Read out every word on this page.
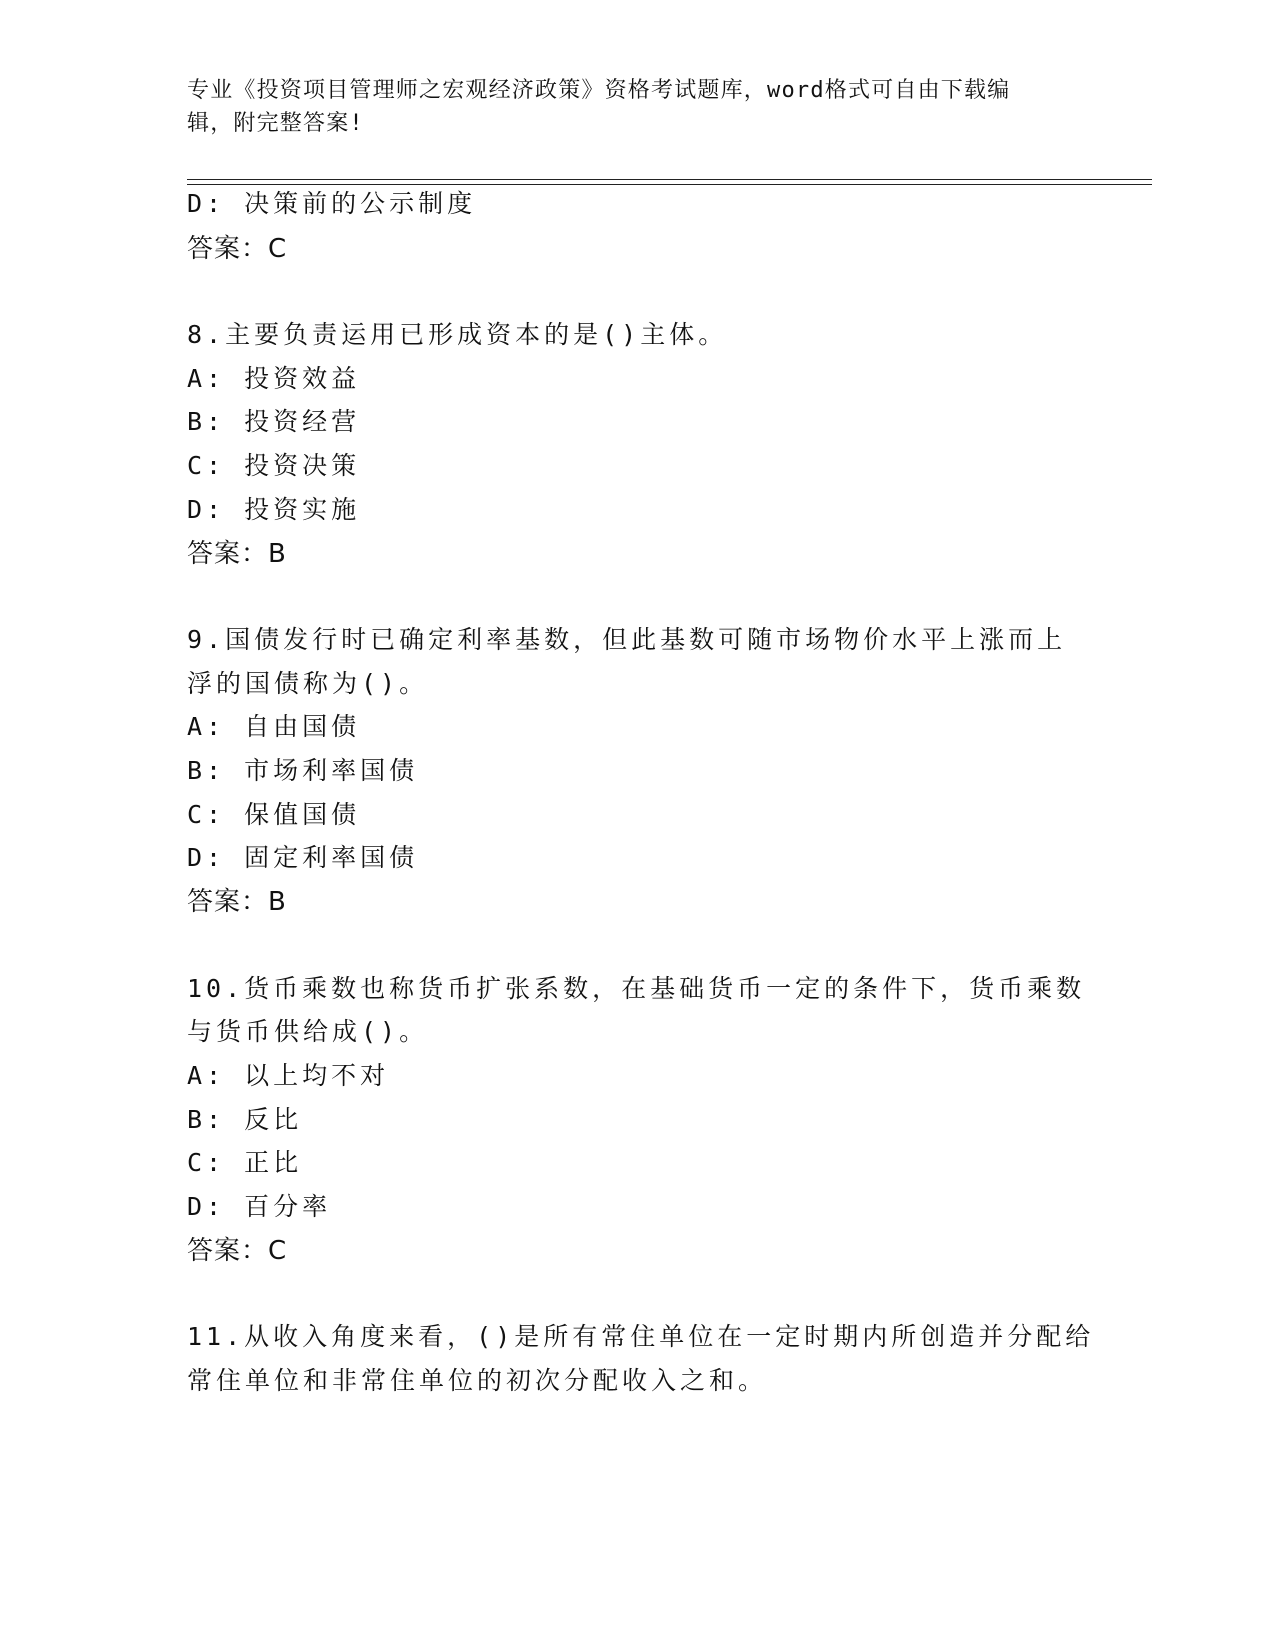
专业《投资项目管理师之宏观经济政策》资格考试题库，word格式可自由下载编
辑，附完整答案!
D: 决策前的公示制度
答案：C
8.主要负责运用已形成资本的是()主体。
A: 投资效益
B: 投资经营
C: 投资决策
D: 投资实施
答案：B
9.国债发行时已确定利率基数，但此基数可随市场物价水平上涨而上
浮的国债称为()。
A: 自由国债
B: 市场利率国债
C: 保值国债
D: 固定利率国债
答案：B
10.货币乘数也称货币扩张系数，在基础货币一定的条件下，货币乘数
与货币供给成()。
A: 以上均不对
B: 反比
C: 正比
D: 百分率
答案：C
11.从收入角度来看，()是所有常住单位在一定时期内所创造并分配给
常住单位和非常住单位的初次分配收入之和。
